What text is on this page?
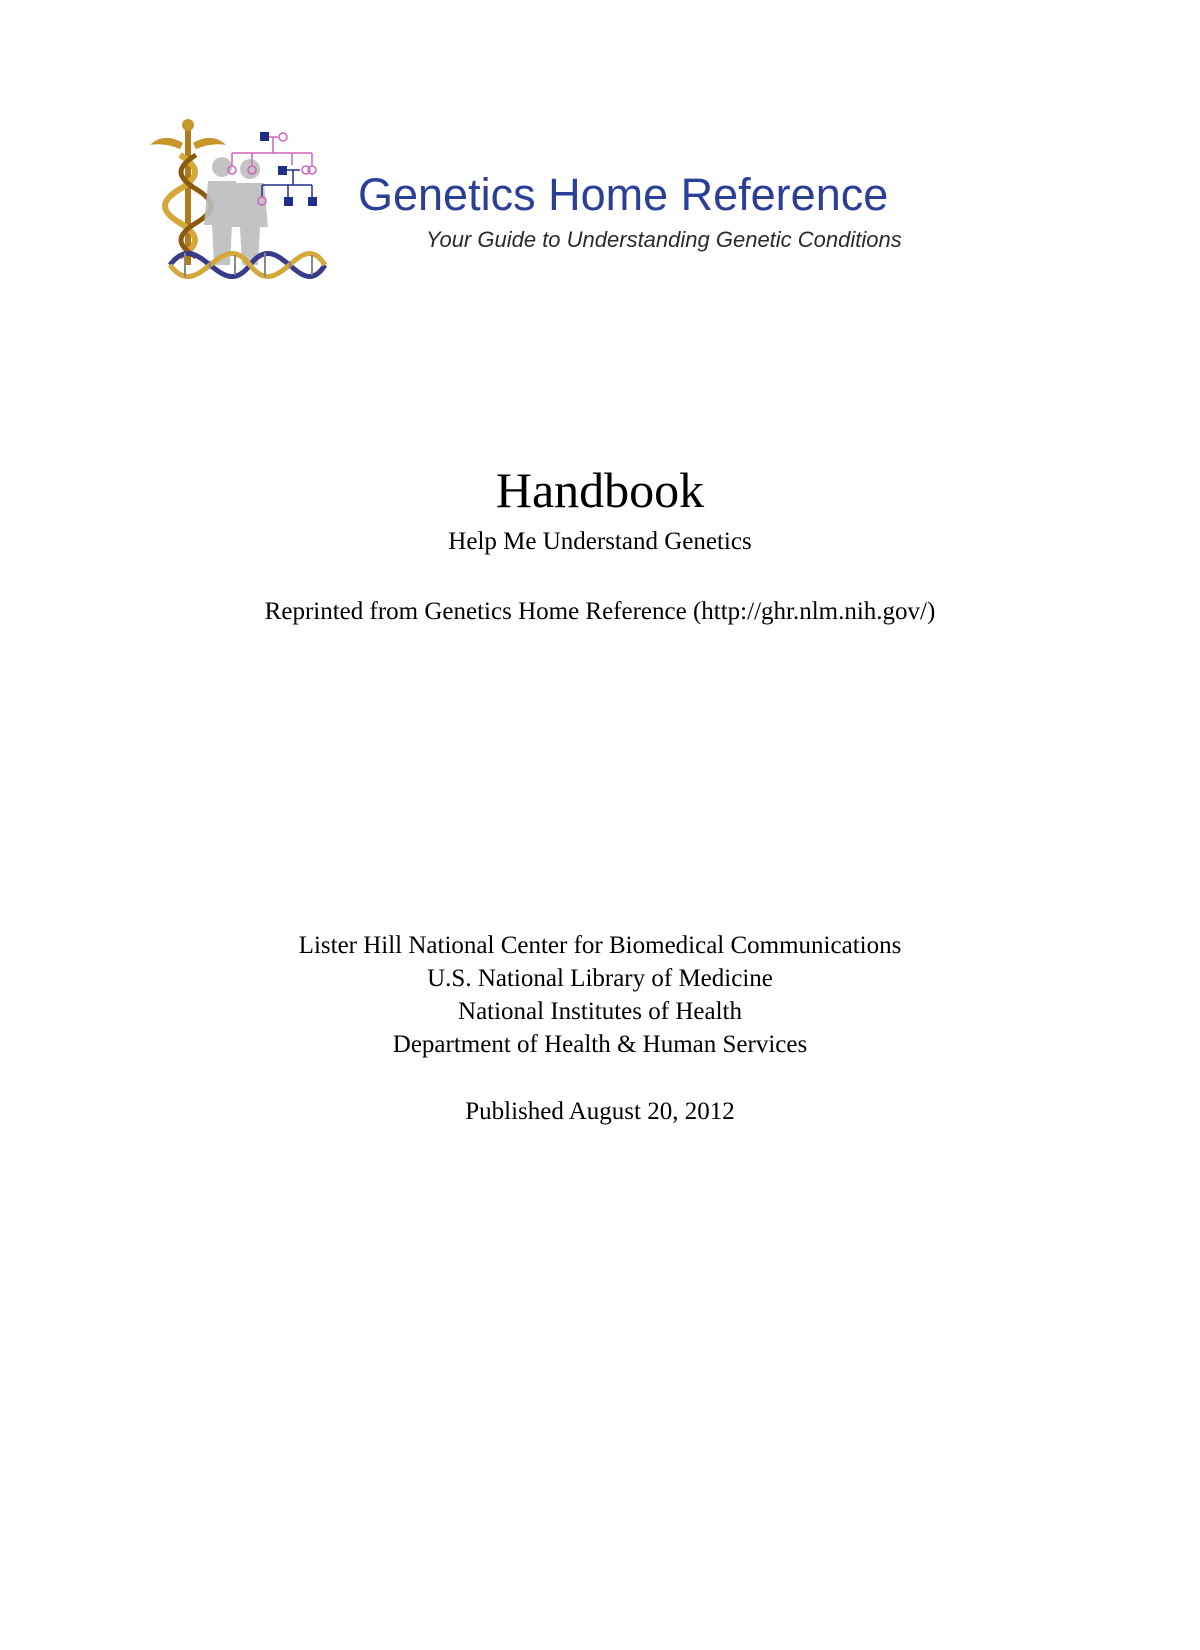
Genetics Home Reference
Your Guide to Understanding Genetic Conditions
Handbook
Help Me Understand Genetics
Reprinted from Genetics Home Reference (http://ghr.nlm.nih.gov/)
Lister Hill National Center for Biomedical Communications
U.S. National Library of Medicine
National Institutes of Health
Department of Health & Human Services
Published August 20, 2012
